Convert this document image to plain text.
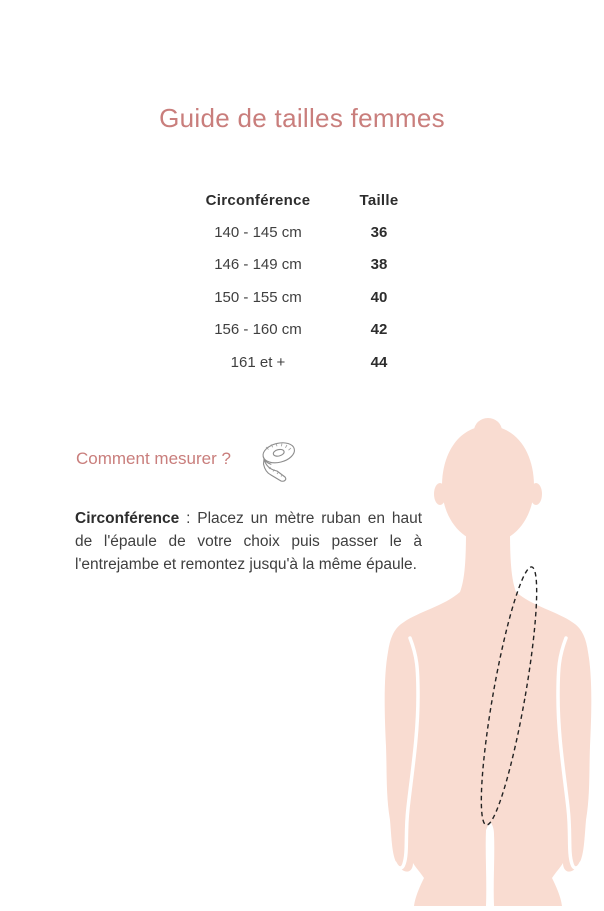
Guide de tailles femmes
Circonférence	Taille
140 - 145 cm	36
146 - 149 cm	38
150 - 155 cm	40
156 - 160 cm	42
161 et +	44
Comment mesurer ?

Circonférence : Placez un mètre ruban en haut de l'épaule de votre choix puis passer le à l'entrejambe et remontez jusqu'à la même épaule.
